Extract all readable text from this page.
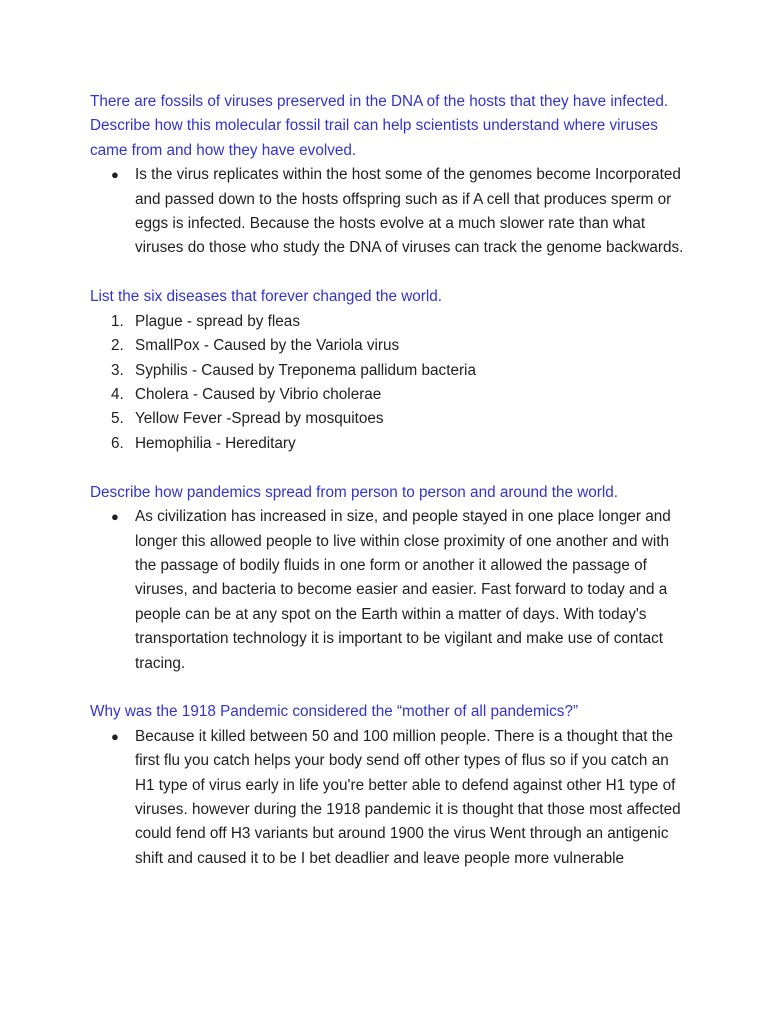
There are fossils of viruses preserved in the DNA of the hosts that they have infected. Describe how this molecular fossil trail can help scientists understand where viruses came from and how they have evolved.

● Is the virus replicates within the host some of the genomes become Incorporated and passed down to the hosts offspring such as if A cell that produces sperm or eggs is infected. Because the hosts evolve at a much slower rate than what viruses do those who study the DNA of viruses can track the genome backwards.

List the six diseases that forever changed the world.

1. Plague - spread by fleas
2. SmallPox - Caused by the Variola virus
3. Syphilis - Caused by Treponema pallidum bacteria
4. Cholera - Caused by Vibrio cholerae
5. Yellow Fever -Spread by mosquitoes
6. Hemophilia - Hereditary

Describe how pandemics spread from person to person and around the world.

● As civilization has increased in size, and people stayed in one place longer and longer this allowed people to live within close proximity of one another and with the passage of bodily fluids in one form or another it allowed the passage of viruses, and bacteria to become easier and easier. Fast forward to today and a people can be at any spot on the Earth within a matter of days. With today's transportation technology it is important to be vigilant and make use of contact tracing.

Why was the 1918 Pandemic considered the “mother of all pandemics?”

● Because it killed between 50 and 100 million people. There is a thought that the first flu you catch helps your body send off other types of flus so if you catch an H1 type of virus early in life you're better able to defend against other H1 type of viruses. however during the 1918 pandemic it is thought that those most affected could fend off H3 variants but around 1900 the virus Went through an antigenic shift and caused it to be I bet deadlier and leave people more vulnerable
